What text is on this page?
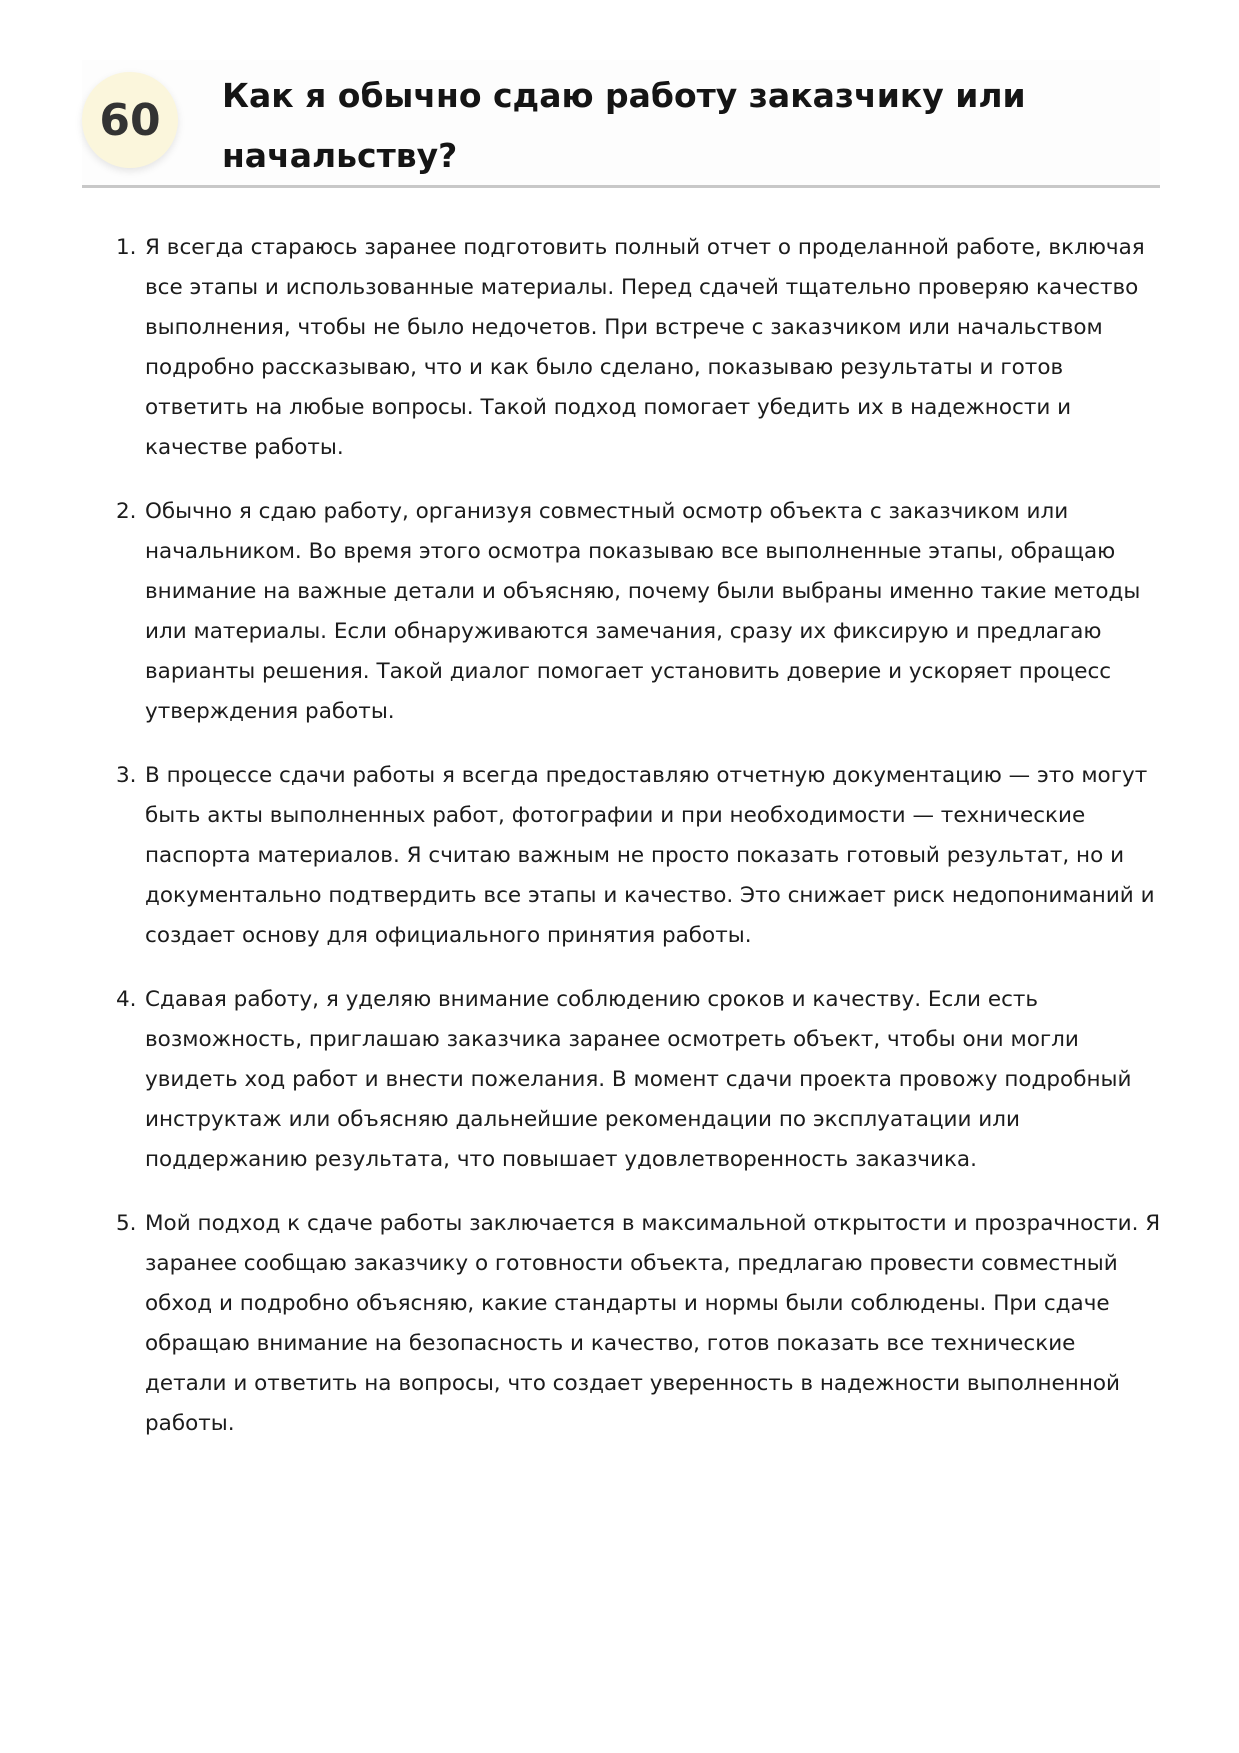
60	Как я обычно сдаю работу заказчику или начальству?
1. Я всегда стараюсь заранее подготовить полный отчет о проделанной работе, включая все этапы и использованные материалы. Перед сдачей тщательно проверяю качество выполнения, чтобы не было недочетов. При встрече с заказчиком или начальством подробно рассказываю, что и как было сделано, показываю результаты и готов ответить на любые вопросы. Такой подход помогает убедить их в надежности и качестве работы.
2. Обычно я сдаю работу, организуя совместный осмотр объекта с заказчиком или начальником. Во время этого осмотра показываю все выполненные этапы, обращаю внимание на важные детали и объясняю, почему были выбраны именно такие методы или материалы. Если обнаруживаются замечания, сразу их фиксирую и предлагаю варианты решения. Такой диалог помогает установить доверие и ускоряет процесс утверждения работы.
3. В процессе сдачи работы я всегда предоставляю отчетную документацию — это могут быть акты выполненных работ, фотографии и при необходимости — технические паспорта материалов. Я считаю важным не просто показать готовый результат, но и документально подтвердить все этапы и качество. Это снижает риск недопониманий и создает основу для официального принятия работы.
4. Сдавая работу, я уделяю внимание соблюдению сроков и качеству. Если есть возможность, приглашаю заказчика заранее осмотреть объект, чтобы они могли увидеть ход работ и внести пожелания. В момент сдачи проекта провожу подробный инструктаж или объясняю дальнейшие рекомендации по эксплуатации или поддержанию результата, что повышает удовлетворенность заказчика.
5. Мой подход к сдаче работы заключается в максимальной открытости и прозрачности. Я заранее сообщаю заказчику о готовности объекта, предлагаю провести совместный обход и подробно объясняю, какие стандарты и нормы были соблюдены. При сдаче обращаю внимание на безопасность и качество, готов показать все технические детали и ответить на вопросы, что создает уверенность в надежности выполненной работы.
